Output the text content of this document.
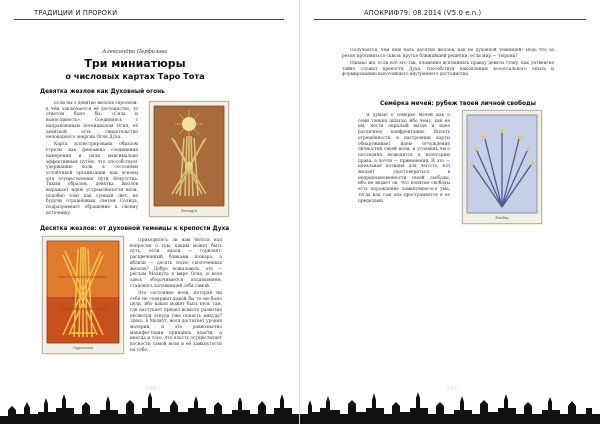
ТРАДИЦИИ И ПРОРОКИ
Александра Перфилова
Три миниатюры
о числовых картах Таро Тота
Девятка жезлов как Духовный огонь

Если бы о девятке жезлов спросили, в чём заключается её достоинство, то ответом было бы: «Сила и выносливость». Соединяясь с направленным потенциалом Огня, её девяткой есть свидетельство непокорного энергии Огня Духа.

Карта иллюстрирована образом стрелы как феномена соединения намерения и цели максимально эффективным путём, что способствует удержанию воли в состоянии устойчивой организации как основы для осуществления пути Искусства. Таким образом, девятка жезлов выражает идею устремлённости воли, подобно тому как лунный свет, не будучи отражённым светом Солнца, подразумевает обращение к своему источнику.	Strength
Десятка жезлов: от духовной темницы к крепости Духа
Oppression

Приходилось ли вам биться над вопросом о том, каким может быть путь, если вдали — горизонт, расцвеченный бликами пожара, а вблизи — десять тесно сколоченных жезлов? Добро пожаловать, это — реглам Малкута в мире Огня, и воля здесь оборачивается подавлением, становясь заложницей себя самой.

Это состояние воли, которая ни себя не содержит какой бы то ни было цели, ибо какая может быть цель там, где наступает предел всякого развития несмотря откуда уже попасть никуда? Здесь, в Малкут, воля достигает уровня материи, и это равнозначно манифестации принципа власти, а иногда и того, что власть осуществляет косности самой воли и её замкнутости на себе.

180
АПОКРИФ79: 08.2014 (Ѵ5.0 e.n.)

Получается, чем ищё быть десятки жезлов, как не духовной темницей? Ведь что за резон противиться сквозь прутья ближайшей решётки, если мир — тюрьма?

Однако же, если всё это так, пламенно вспоминать правду девяти стоку, как унтвенгне тайно служит крепости Духа, способствуя накоплению колоссального опыта и формированию высочайшего внутреннего достоинства.

Семёрка мечей: рубеж твоей личной свободы

Я думаю о семёрке мечей как о семи тонких шпагах, ибо чему, как не им, нести окрылый вызов и идея различное конфронтации. Вплоть отрешённости в настроении карты обнаруживает идею отчуждения личностей своей воли, в условиях чего последняя возводится в категорию права, а почти — применения. И это — идеальная позиция для чего-то, кто желает удостовериться в непринокновенности своей свободы, ибо не ведает он, что понятие свободы есть порождение замкнувшегося ума, тогда как сам она пространяется в ее пределами.

Futility
181
